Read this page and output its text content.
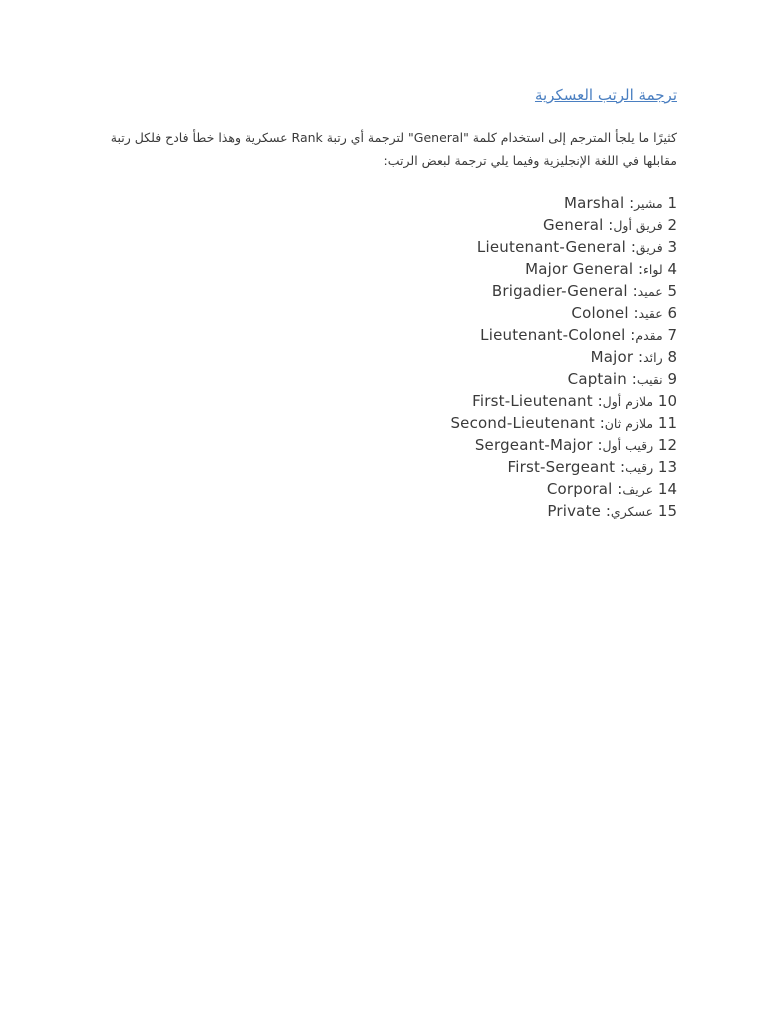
ترجمة الرتب العسكرية

كثيرًا ما يلجأ المترجم إلى استخدام كلمة "General" لترجمة أي رتبة Rank عسكرية وهذا خطأ فادح فلكل رتبة

مقابلها في اللغة الإنجليزية وفيما يلي ترجمة لبعض الرتب:

1 مشير: Marshal
2 فريق أول: General
3 فريق: Lieutenant-General
4 لواء: Major General
5 عميد: Brigadier-General
6 عقيد: Colonel
7 مقدم: Lieutenant-Colonel
8 رائد: Major
9 نقيب: Captain
10 ملازم أول: First-Lieutenant
11 ملازم ثان: Second-Lieutenant
12 رقيب أول: Sergeant-Major
13 رقيب: First-Sergeant
14 عريف: Corporal
15 عسكري: Private
